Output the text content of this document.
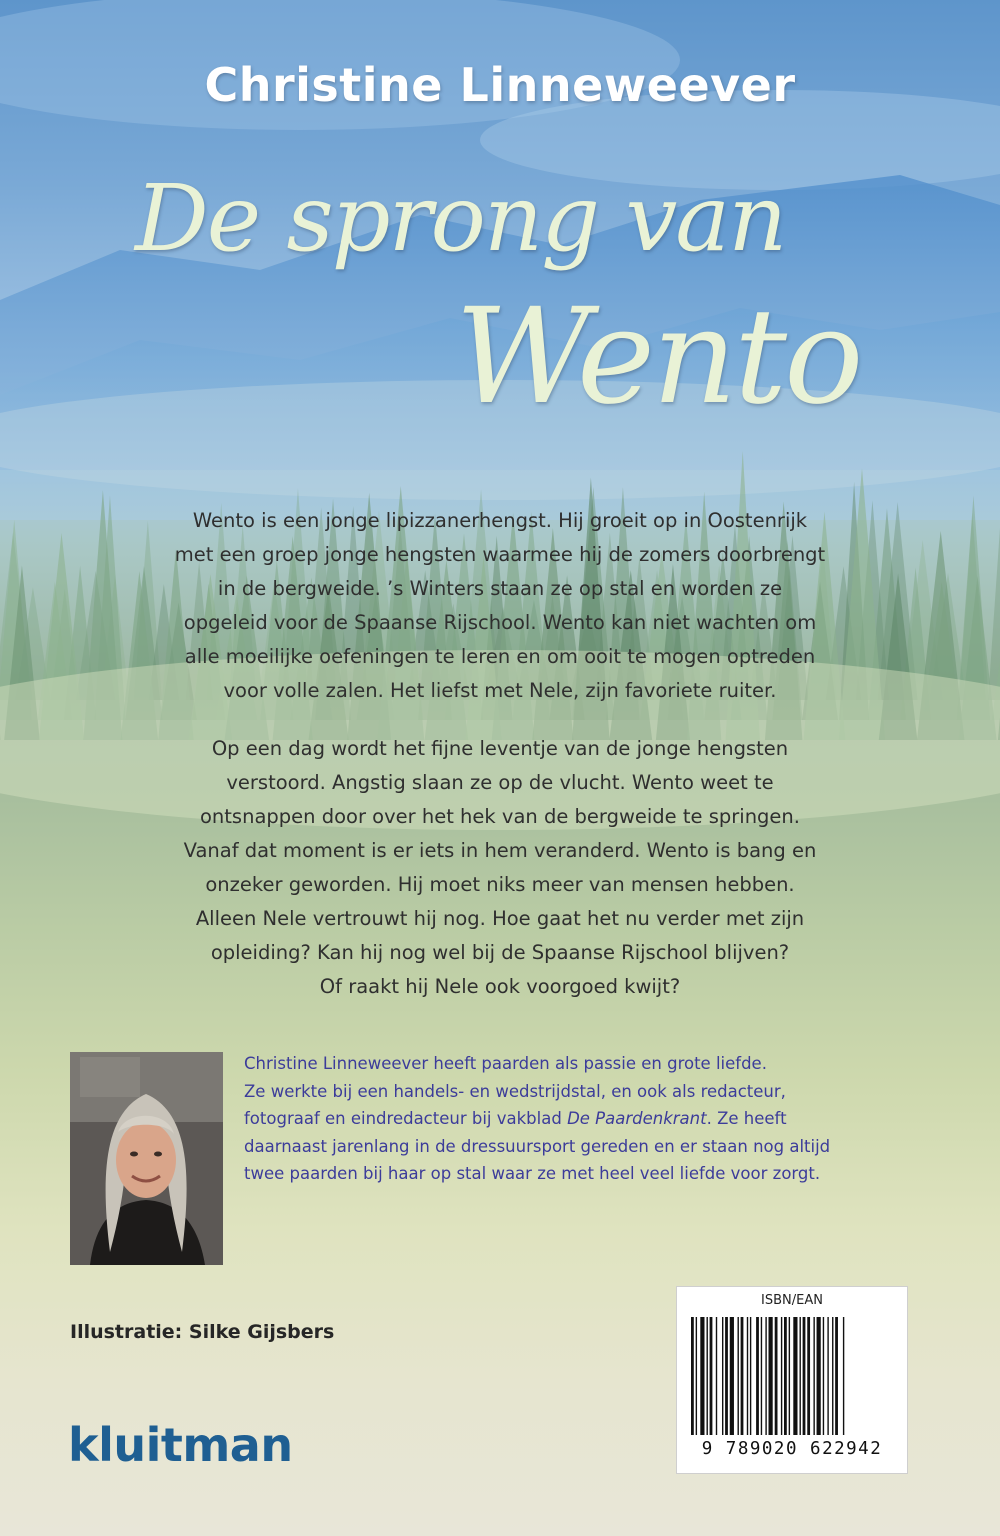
Christine Linneweever
De sprong van
Wento

Wento is een jonge lipizzanerhengst. Hij groeit op in Oostenrijk
met een groep jonge hengsten waarmee hij de zomers doorbrengt
in de bergweide. ’s Winters staan ze op stal en worden ze
opgeleid voor de Spaanse Rijschool. Wento kan niet wachten om
alle moeilijke oefeningen te leren en om ooit te mogen optreden
voor volle zalen. Het liefst met Nele, zijn favoriete ruiter.

Op een dag wordt het fijne leventje van de jonge hengsten
verstoord. Angstig slaan ze op de vlucht. Wento weet te
ontsnappen door over het hek van de bergweide te springen.
Vanaf dat moment is er iets in hem veranderd. Wento is bang en
onzeker geworden. Hij moet niks meer van mensen hebben.
Alleen Nele vertrouwt hij nog. Hoe gaat het nu verder met zijn
opleiding? Kan hij nog wel bij de Spaanse Rijschool blijven?
Of raakt hij Nele ook voorgoed kwijt?

Christine Linneweever heeft paarden als passie en grote liefde.
Ze werkte bij een handels- en wedstrijdstal, en ook als redacteur,
fotograaf en eindredacteur bij vakblad De Paardenkrant. Ze heeft
daarnaast jarenlang in de dressuursport gereden en er staan nog altijd
twee paarden bij haar op stal waar ze met heel veel liefde voor zorgt.

Illustratie: Silke Gijsbers

kluitman
ISBN/EAN
9 789020 622942
